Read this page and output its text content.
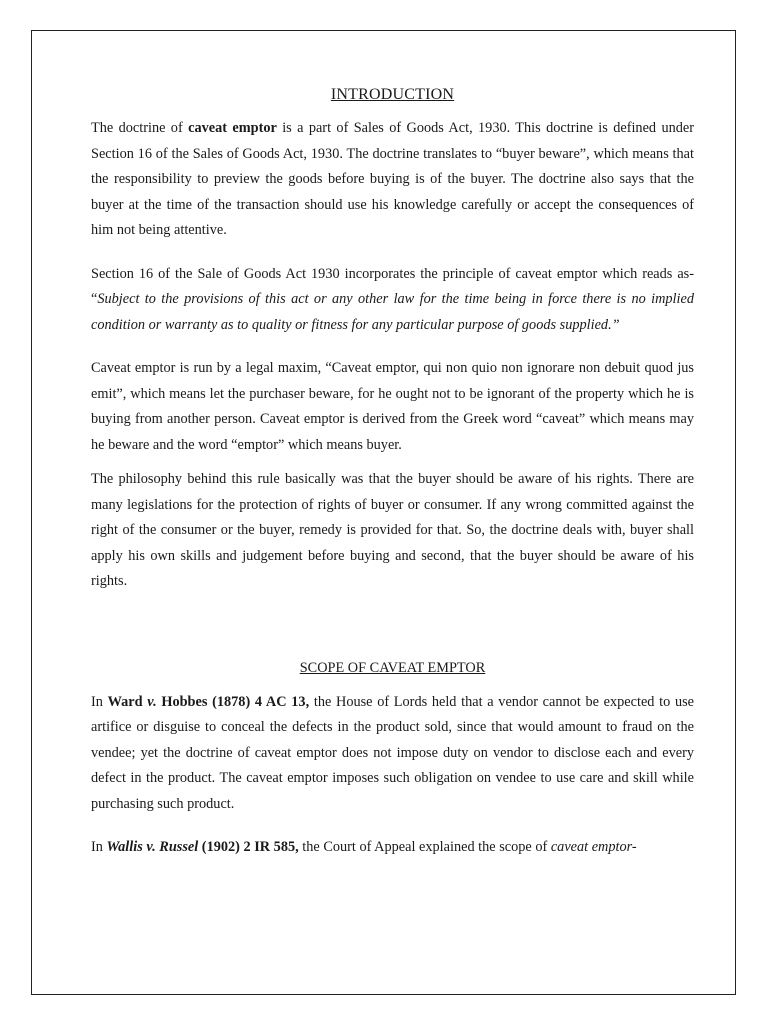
INTRODUCTION

The doctrine of caveat emptor is a part of Sales of Goods Act, 1930. This doctrine is defined under Section 16 of the Sales of Goods Act, 1930. The doctrine translates to “buyer beware”, which means that the responsibility to preview the goods before buying is of the buyer. The doctrine also says that the buyer at the time of the transaction should use his knowledge carefully or accept the consequences of him not being attentive.

Section 16 of the Sale of Goods Act 1930 incorporates the principle of caveat emptor which reads as- “Subject to the provisions of this act or any other law for the time being in force there is no implied condition or warranty as to quality or fitness for any particular purpose of goods supplied.”

Caveat emptor is run by a legal maxim, “Caveat emptor, qui non quio non ignorare non debuit quod jus emit”, which means let the purchaser beware, for he ought not to be ignorant of the property which he is buying from another person. Caveat emptor is derived from the Greek word “caveat” which means may he beware and the word “emptor” which means buyer.

The philosophy behind this rule basically was that the buyer should be aware of his rights. There are many legislations for the protection of rights of buyer or consumer. If any wrong committed against the right of the consumer or the buyer, remedy is provided for that. So, the doctrine deals with, buyer shall apply his own skills and judgement before buying and second, that the buyer should be aware of his rights.

SCOPE OF CAVEAT EMPTOR

In Ward v. Hobbes (1878) 4 AC 13, the House of Lords held that a vendor cannot be expected to use artifice or disguise to conceal the defects in the product sold, since that would amount to fraud on the vendee; yet the doctrine of caveat emptor does not impose duty on vendor to disclose each and every defect in the product. The caveat emptor imposes such obligation on vendee to use care and skill while purchasing such product.

In Wallis v. Russel (1902) 2 IR 585, the Court of Appeal explained the scope of caveat emptor-
